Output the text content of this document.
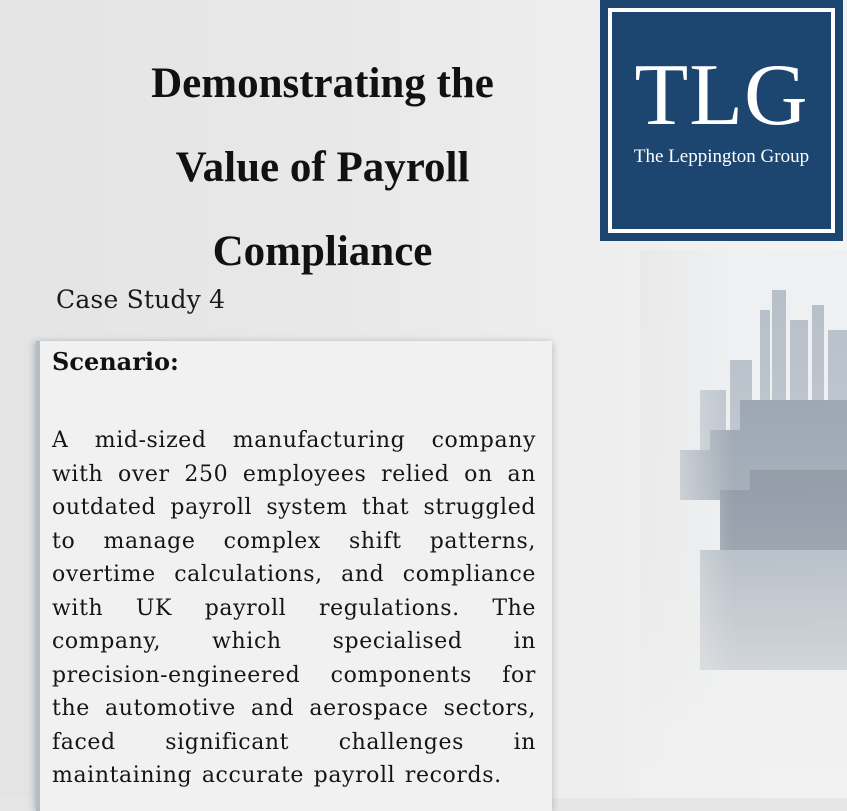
Demonstrating the
Value of Payroll
Compliance
Case Study 4
TLG
The Leppington Group
Scenario:

A mid-sized manufacturing company with over 250 employees relied on an outdated payroll system that struggled to manage complex shift patterns, overtime calculations, and compliance with UK payroll regulations. The company, which specialised in precision-engineered components for the automotive and aerospace sectors, faced significant challenges in maintaining accurate payroll records.
